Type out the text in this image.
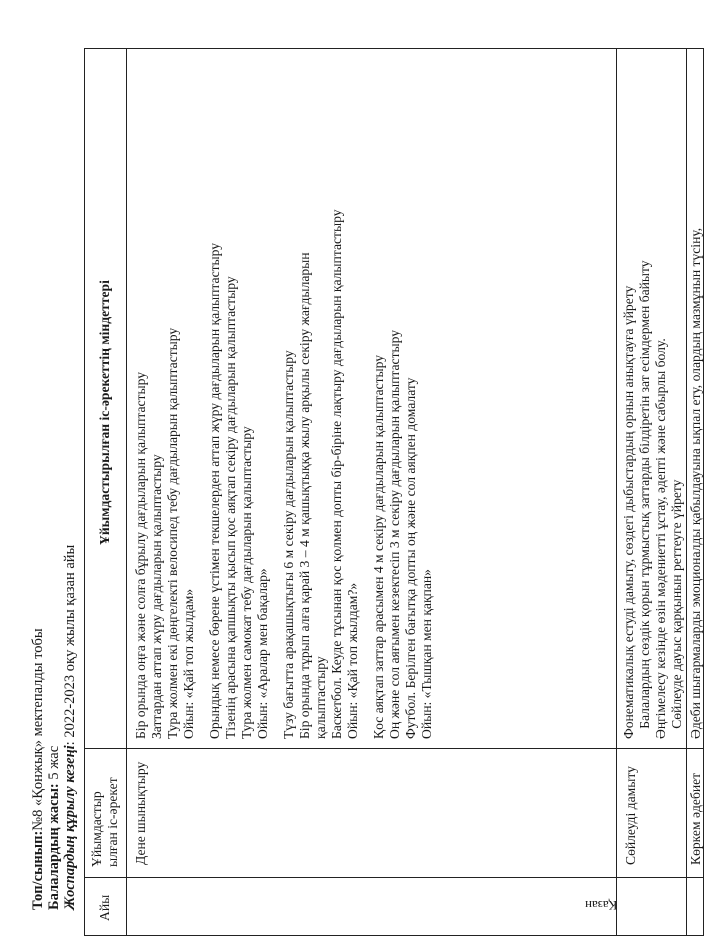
Топ/сынып:№8 «Қонжық» мектепалды тобы
Балалардың жасы: 5 жас Жоспардың құрылу кезеңі: 2022-2023 оқу жылы қазан айы
Айы
Ұйымдастыр ылған іс-әрекет
Ұйымдастырылған іс-әрекеттің міндеттері
Қазан
Дене шынықтыру
Бір орында оңға және солға бұрылу дағдыларын қалыптастыру Заттардан аттап жүру дағдыларын қалыптастыру Тура жолмен екі дөңгелекті велосипед тебу дағдыларын қалыптастыру Ойын: «Қай топ жылдам» Орындық немесе бөрене үстімен текшелерден аттап жүру дағдыларын қалыптастыру Тізенің арасына қапшықты қысып қос аяқтап секіру дағдыларын қалыптастыру Тура жолмен самокат тебу дағдыларын қалыптастыру Ойын: «Аралар мен бақалар» Түзу бағытта арақашықтығы 6 м секіру дағдыларын қалыптастыру Бір орында тұрып алға қарай 3 – 4 м қашықтыққа жылу арқылы секіру жағдыларын қалыптастыру Баскетбол. Кеуде тұсынан қос қолмен допты бір-біріне лақтыру дағдыларын қалыптастыру Ойын: «Қай топ жылдам?» Қос аяқтап заттар арасымен 4 м секіру дағдыларын қалыптастыру Оң және сол аяғымен кезектесіп 3 м секіру дағдыларын қалыптастыру Футбол. Берілген бағытқа допты оң және сол аяқпен домалату Ойын: «Тышқан мен қақпан»
Сөйлеуді дамыту
Фонематикалық естуді дамыту, сөздегі дыбыстардың орнын анықтауға үйрету Балалардың сөздік қорын тұрмыстық заттарды білдіретін зат есімдермен байыту Әңгімелесу кезінде өзін мәдениетті ұстау, әдепті және сабырлы болу. Сөйлеуде дауыс қарқынын реттеуге үйрету
Көркем әдебиет
Әдеби шығармаларды эмоционалды қабылдауына ықпал ету, олардың мазмұнын түсіну,
